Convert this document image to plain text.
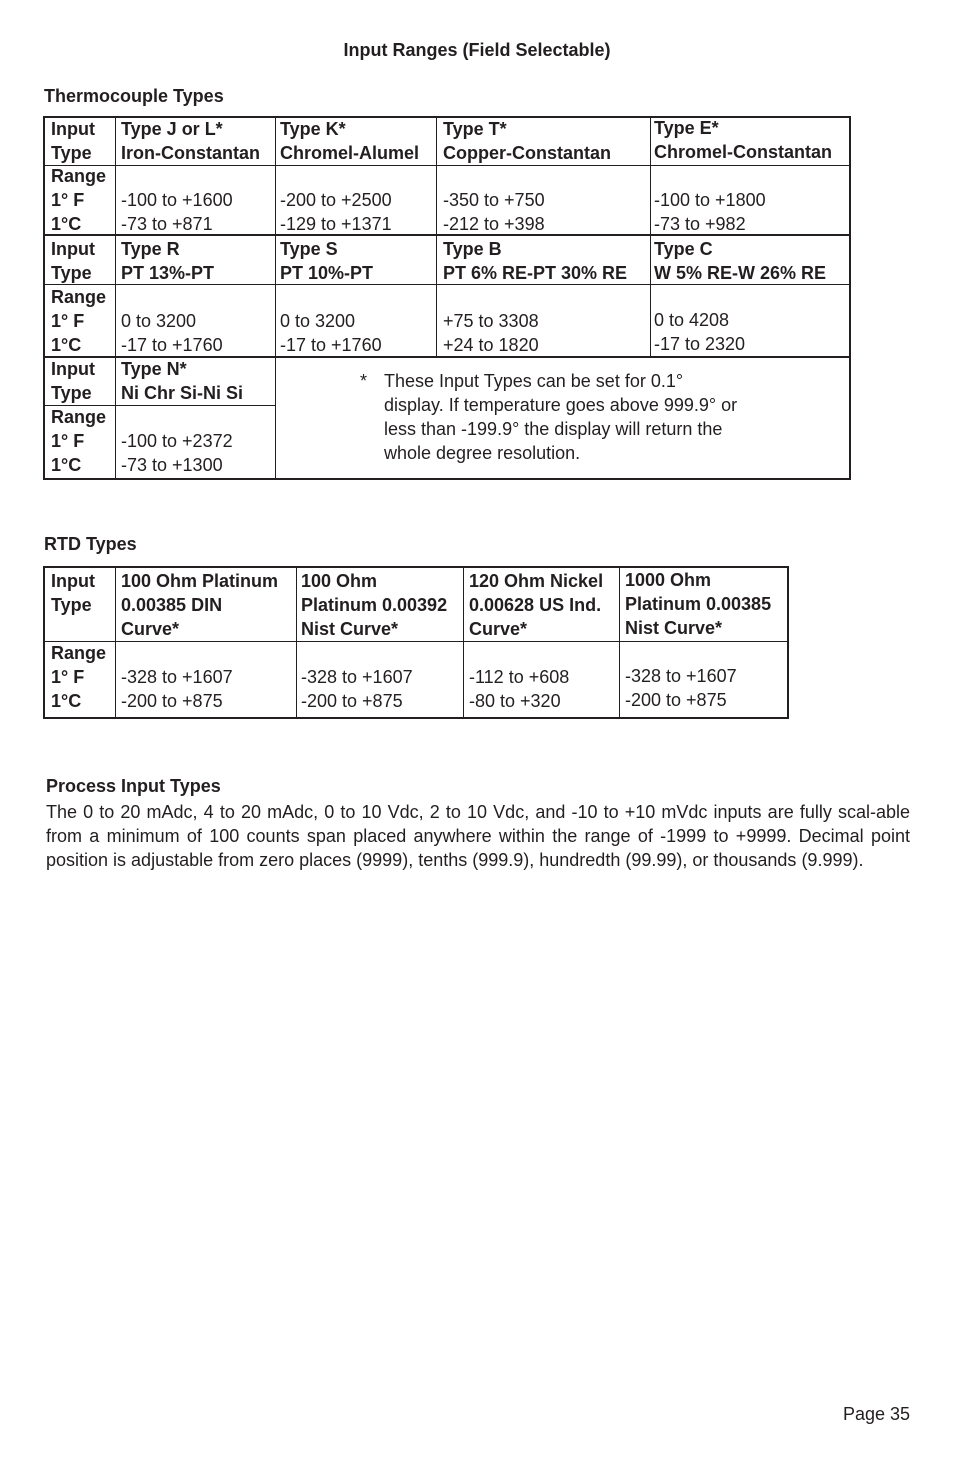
Input Ranges (Field Selectable)
Thermocouple Types
Input
Type
Range
1° F
1°C
Input
Type
Range
1° F
1°C
Input
Type
Range
1° F
1°C
Type J or L*
Iron-Constantan
Type K*
Chromel-Alumel
Type T*
Copper-Constantan
Type E*
Chromel-Constantan
-100 to +1600
-73 to +871
-200 to +2500
-129 to +1371
-350 to +750
-212 to +398
-100 to +1800
-73 to +982
Type R
PT 13%-PT
Type S
PT 10%-PT
Type B
PT 6% RE-PT 30% RE
Type C
W 5% RE-W 26% RE
0 to 3200
-17 to +1760
0 to 3200
-17 to +1760
+75 to 3308
+24 to 1820
0 to 4208
-17 to 2320
Type N*
Ni Chr Si-Ni Si
-100 to +2372
-73 to +1300
* These Input Types can be set for 0.1°
display. If temperature goes above 999.9° or
less than -199.9° the display will return the
whole degree resolution.
RTD Types
Input
Type
Range
1° F
1°C
100 Ohm Platinum
0.00385 DIN
Curve*
100 Ohm
Platinum 0.00392
Nist Curve*
120 Ohm Nickel
0.00628 US Ind.
Curve*
1000 Ohm
Platinum 0.00385
Nist Curve*
-328 to +1607
-200 to +875
-328 to +1607
-200 to +875
-112 to +608
-80 to +320
-328 to +1607
-200 to +875
Process Input Types
The 0 to 20 mAdc, 4 to 20 mAdc, 0 to 10 Vdc, 2 to 10 Vdc, and -10 to +10 mVdc inputs are fully scal-able from a minimum of 100 counts span placed anywhere within the range of -1999 to +9999. Decimal point position is adjustable from zero places (9999), tenths (999.9), hundredth (99.99), or thousands (9.999).
Page 35
